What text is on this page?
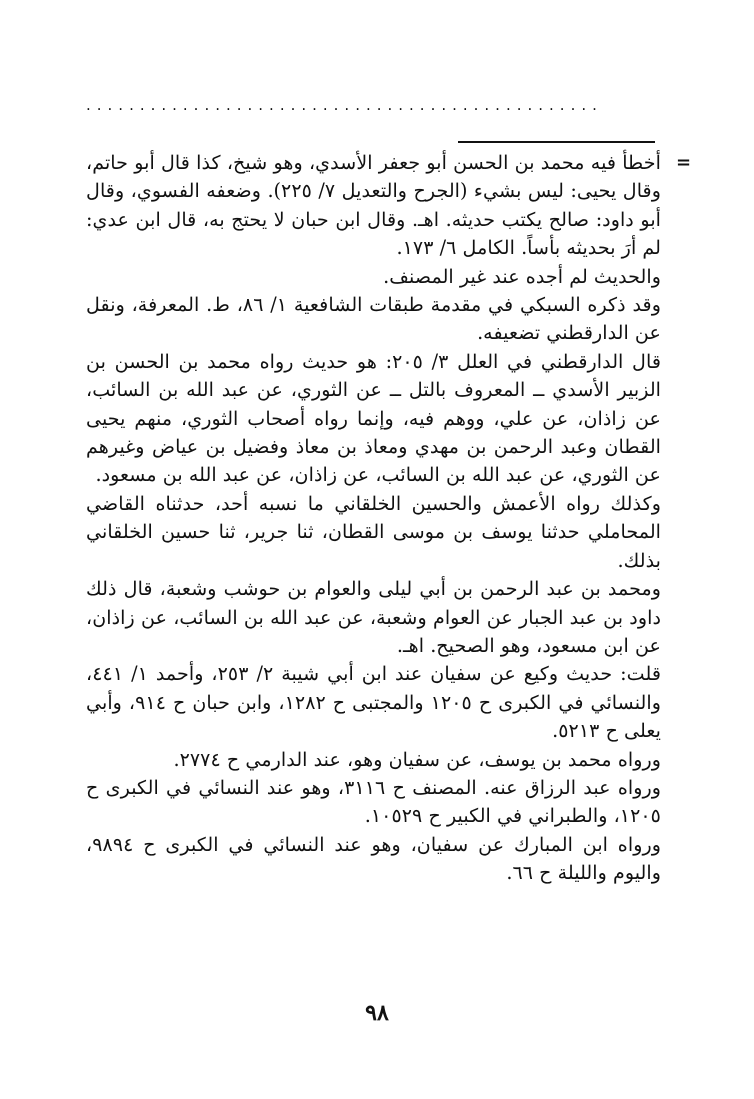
................................................
=

أخطأ فيه محمد بن الحسن أبو جعفر الأسدي، وهو شيخ، كذا قال أبو حاتم، وقال يحيى: ليس بشيء (الجرح والتعديل ٧/ ٢٢٥). وضعفه الفسوي، وقال أبو داود: صالح يكتب حديثه. اهـ. وقال ابن حبان لا يحتج به، قال ابن عدي: لم أرَ بحديثه بأساً. الكامل ٦/ ١٧٣.

والحديث لم أجده عند غير المصنف.

وقد ذكره السبكي في مقدمة طبقات الشافعية ١/ ٨٦، ط. المعرفة، ونقل عن الدارقطني تضعيفه.

قال الدارقطني في العلل ٣/ ٢٠٥: هو حديث رواه محمد بن الحسن بن الزبير الأسدي ــ المعروف بالتل ــ عن الثوري، عن عبد الله بن السائب، عن زاذان، عن علي، ووهم فيه، وإنما رواه أصحاب الثوري، منهم يحيى القطان وعبد الرحمن بن مهدي ومعاذ بن معاذ وفضيل بن عياض وغيرهم عن الثوري، عن عبد الله بن السائب، عن زاذان، عن عبد الله بن مسعود.

وكذلك رواه الأعمش والحسين الخلقاني ما نسبه أحد، حدثناه القاضي المحاملي حدثنا يوسف بن موسى القطان، ثنا جرير، ثنا حسين الخلقاني بذلك.

ومحمد بن عبد الرحمن بن أبي ليلى والعوام بن حوشب وشعبة، قال ذلك داود بن عبد الجبار عن العوام وشعبة، عن عبد الله بن السائب، عن زاذان، عن ابن مسعود، وهو الصحيح. اهـ.

قلت: حديث وكيع عن سفيان عند ابن أبي شيبة ٢/ ٢٥٣، وأحمد ١/ ٤٤١، والنسائي في الكبرى ح ١٢٠٥ والمجتبى ح ١٢٨٢، وابن حبان ح ٩١٤، وأبي يعلى ح ٥٢١٣.

ورواه محمد بن يوسف، عن سفيان وهو، عند الدارمي ح ٢٧٧٤.

ورواه عبد الرزاق عنه. المصنف ح ٣١١٦، وهو عند النسائي في الكبرى ح ١٢٠٥، والطبراني في الكبير ح ١٠٥٢٩.

ورواه ابن المبارك عن سفيان، وهو عند النسائي في الكبرى ح ٩٨٩٤، واليوم والليلة ح ٦٦.

٩٨
